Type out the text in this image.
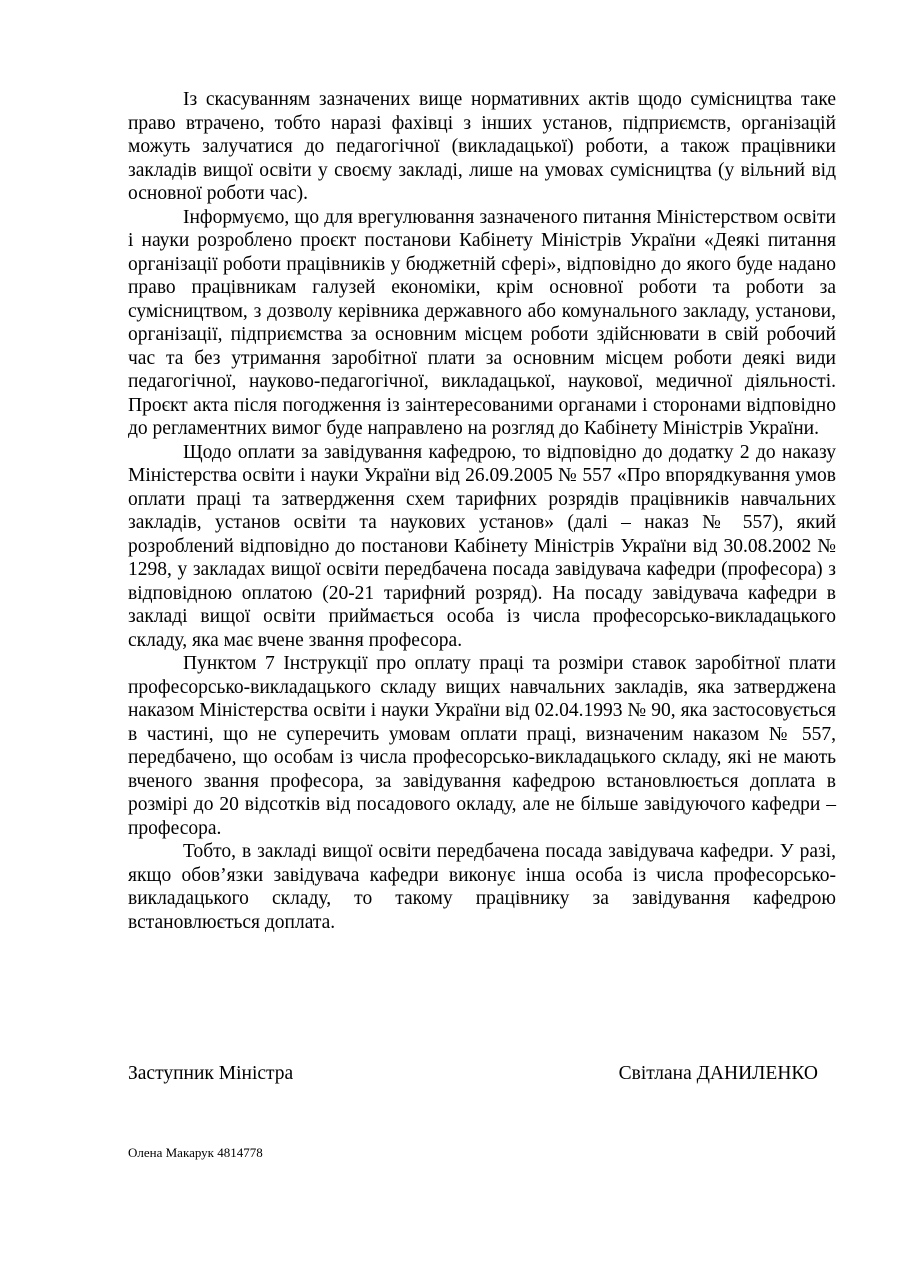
Із скасуванням зазначених вище нормативних актів щодо сумісництва таке право втрачено, тобто наразі фахівці з інших установ, підприємств, організацій можуть залучатися до педагогічної (викладацької) роботи, а також працівники закладів вищої освіти у своєму закладі, лише на умовах сумісництва (у вільний від основної роботи час).

Інформуємо, що для врегулювання зазначеного питання Міністерством освіти і науки розроблено проєкт постанови Кабінету Міністрів України «Деякі питання організації роботи працівників у бюджетній сфері», відповідно до якого буде надано право працівникам галузей економіки, крім основної роботи та роботи за сумісництвом, з дозволу керівника державного або комунального закладу, установи, організації, підприємства за основним місцем роботи здійснювати в свій робочий час та без утримання заробітної плати за основним місцем роботи деякі види педагогічної, науково-педагогічної, викладацької, наукової, медичної діяльності. Проєкт акта після погодження із заінтересованими органами і сторонами відповідно до регламентних вимог буде направлено на розгляд до Кабінету Міністрів України.

Щодо оплати за завідування кафедрою, то відповідно до додатку 2 до наказу Міністерства освіти і науки України від 26.09.2005 № 557 «Про впорядкування умов оплати праці та затвердження схем тарифних розрядів працівників навчальних закладів, установ освіти та наукових установ» (далі – наказ № 557), який розроблений відповідно до постанови Кабінету Міністрів України від 30.08.2002 № 1298, у закладах вищої освіти передбачена посада завідувача кафедри (професора) з відповідною оплатою (20-21 тарифний розряд). На посаду завідувача кафедри в закладі вищої освіти приймається особа із числа професорсько-викладацького складу, яка має вчене звання професора.

Пунктом 7 Інструкції про оплату праці та розміри ставок заробітної плати професорсько-викладацького складу вищих навчальних закладів, яка затверджена наказом Міністерства освіти і науки України від 02.04.1993 № 90, яка застосовується в частині, що не суперечить умовам оплати праці, визначеним наказом № 557, передбачено, що особам із числа професорсько-викладацького складу, які не мають вченого звання професора, за завідування кафедрою встановлюється доплата в розмірі до 20 відсотків від посадового окладу, але не більше завідуючого кафедри – професора.

Тобто, в закладі вищої освіти передбачена посада завідувача кафедри. У разі, якщо обов’язки завідувача кафедри виконує інша особа із числа професорсько-викладацького складу, то такому працівнику за завідування кафедрою встановлюється доплата.

Заступник Міністра	Світлана ДАНИЛЕНКО
Олена Макарук 4814778
